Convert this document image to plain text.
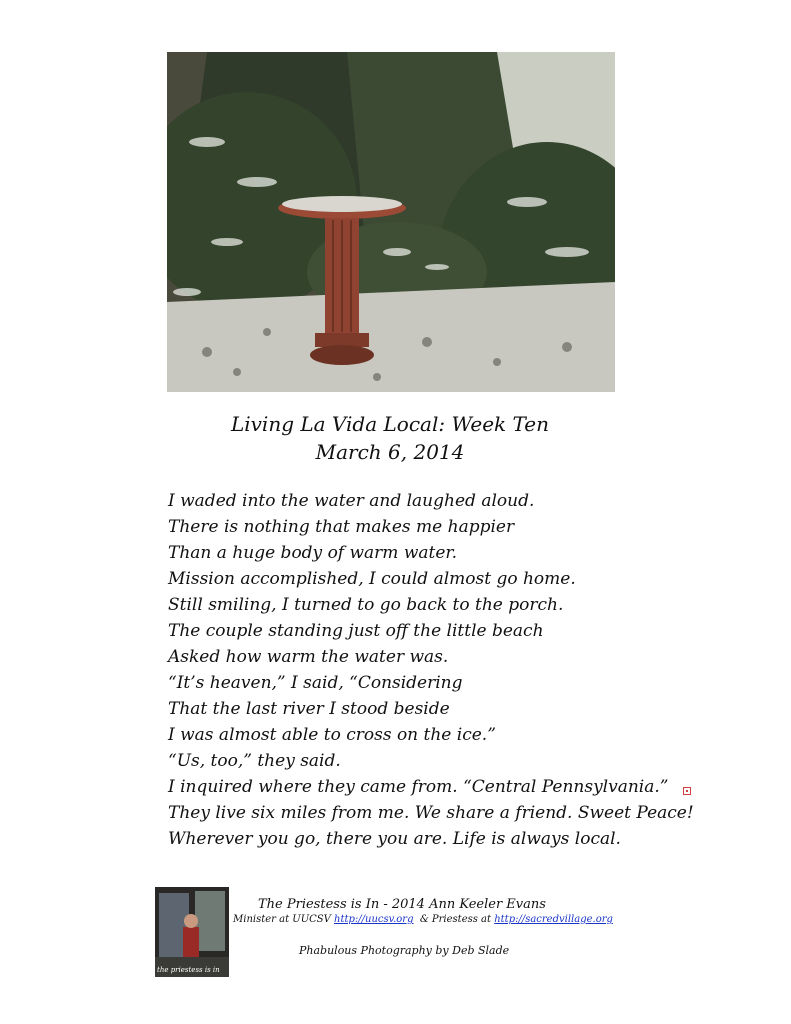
Living La Vida Local: Week Ten
March 6, 2014
I waded into the water and laughed aloud.
There is nothing that makes me happier
Than a huge body of warm water.
Mission accomplished, I could almost go home.
Still smiling, I turned to go back to the porch.
The couple standing just off the little beach
Asked how warm the water was.
“It’s heaven,” I said, “Considering
That the last river I stood beside
I was almost able to cross on the ice.”
“Us, too,” they said.
I inquired where they came from. “Central Pennsylvania.”
They live six miles from me. We share a friend. Sweet Peace!
Wherever you go, there you are. Life is always local.
the priestess is in
The Priestess is In - 2014 Ann Keeler Evans
Minister at UUCSV http://uucsv.org  & Priestess at http://sacredvillage.org
Phabulous Photography by Deb Slade
